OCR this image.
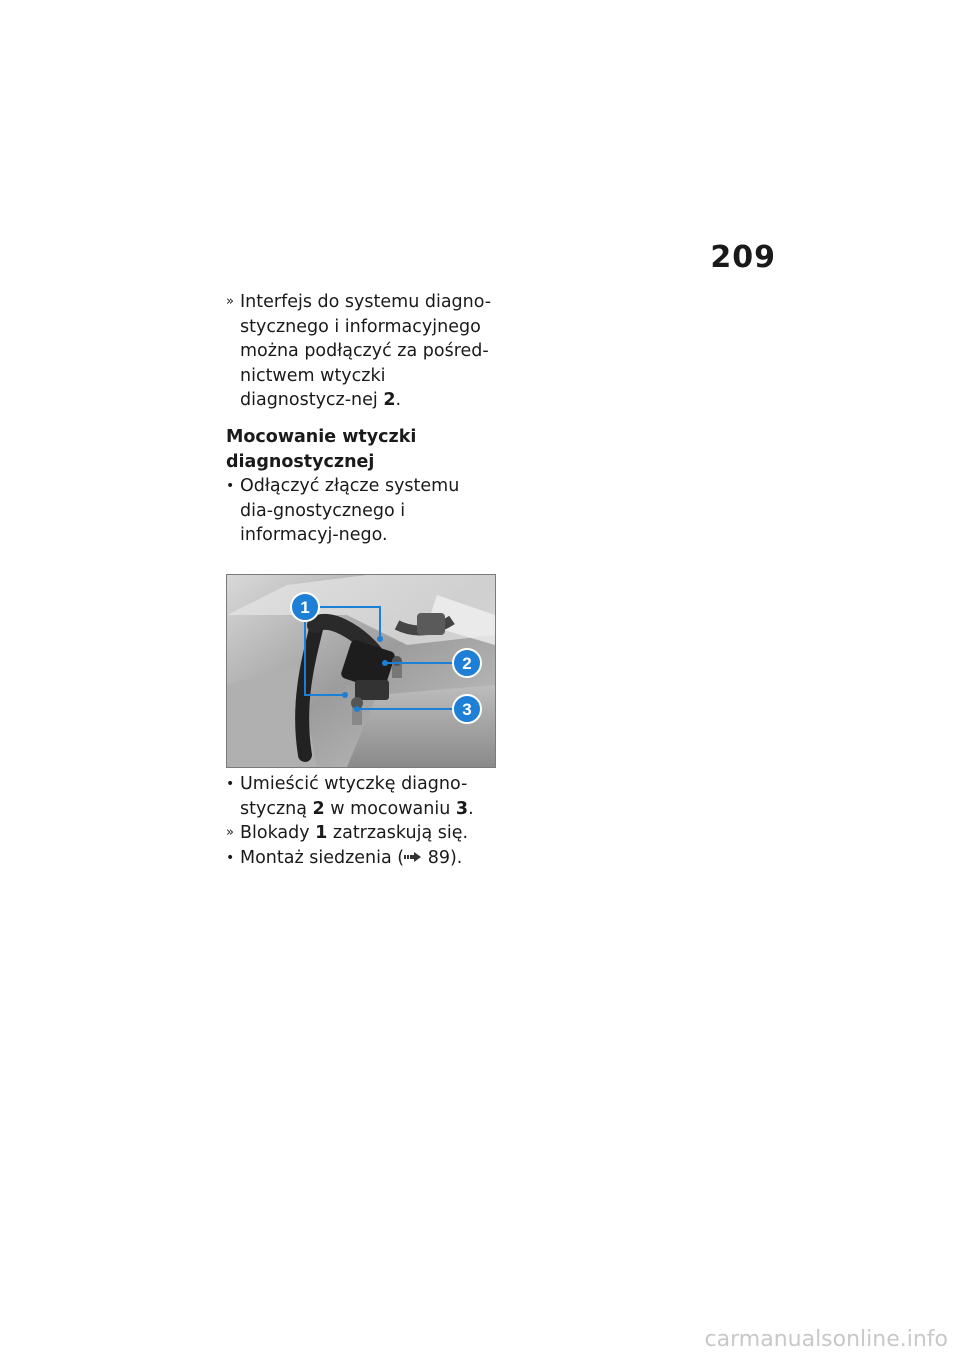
209

» Interfejs do systemu diagno-stycznego i informacyjnego można podłączyć za pośred-nictwem wtyczki diagnostycz-nej 2.

Mocowanie wtyczki diagnostycznej

• Odłączyć złącze systemu dia-gnostycznego i informacyj-nego.

1
2
3

• Umieścić wtyczkę diagno-styczną 2 w mocowaniu 3.

» Blokady 1 zatrzaskują się.

• Montaż siedzenia ( 89).

carmanualsonline.info
